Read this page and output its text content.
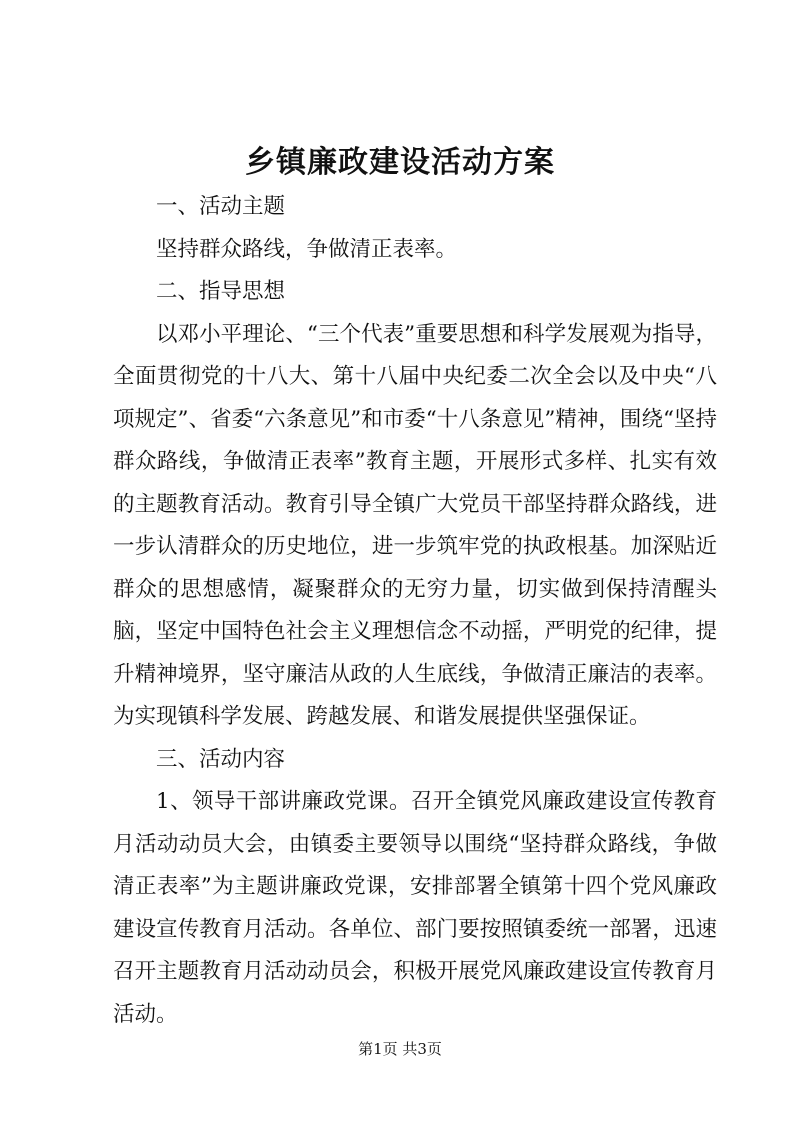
乡镇廉政建设活动方案

一、活动主题

坚持群众路线，争做清正表率。

二、指导思想

以邓小平理论、“三个代表”重要思想和科学发展观为指导，全面贯彻党的十八大、第十八届中央纪委二次全会以及中央“八项规定”、省委“六条意见”和市委“十八条意见”精神，围绕“坚持群众路线，争做清正表率”教育主题，开展形式多样、扎实有效的主题教育活动。教育引导全镇广大党员干部坚持群众路线，进一步认清群众的历史地位，进一步筑牢党的执政根基。加深贴近群众的思想感情，凝聚群众的无穷力量，切实做到保持清醒头脑，坚定中国特色社会主义理想信念不动摇，严明党的纪律，提升精神境界，坚守廉洁从政的人生底线，争做清正廉洁的表率。为实现镇科学发展、跨越发展、和谐发展提供坚强保证。

三、活动内容

1、领导干部讲廉政党课。召开全镇党风廉政建设宣传教育月活动动员大会，由镇委主要领导以围绕“坚持群众路线，争做清正表率”为主题讲廉政党课，安排部署全镇第十四个党风廉政建设宣传教育月活动。各单位、部门要按照镇委统一部署，迅速召开主题教育月活动动员会，积极开展党风廉政建设宣传教育月活动。

第1页 共3页
